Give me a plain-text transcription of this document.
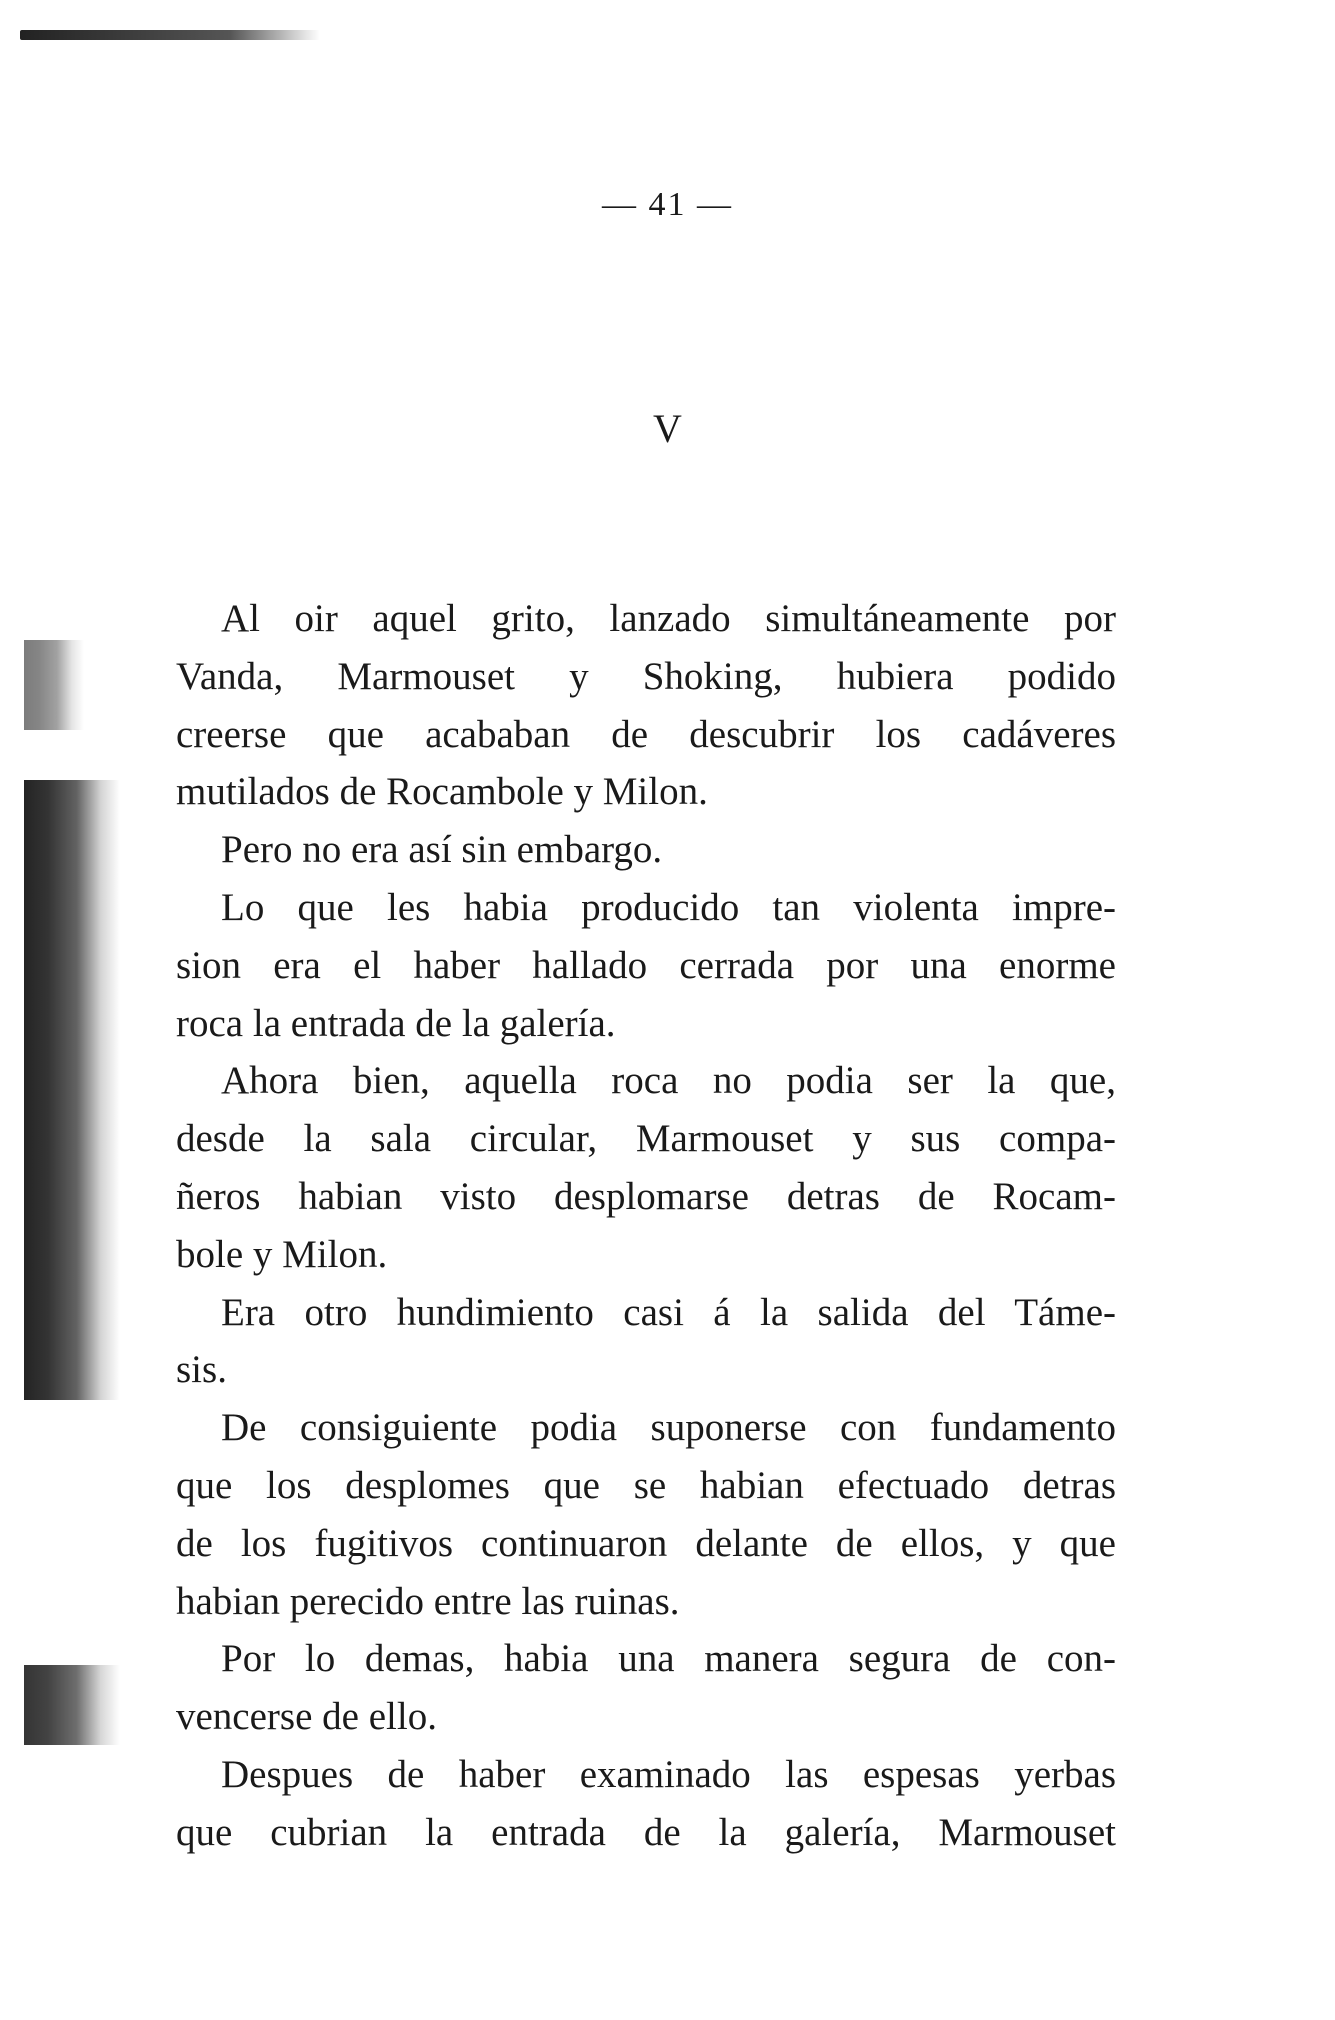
— 41 —
V
Al oir aquel grito, lanzado simultáneamente por
Vanda, Marmouset y Shoking, hubiera podido
creerse que acababan de descubrir los cadáveres
mutilados de Rocambole y Milon.
Pero no era así sin embargo.
Lo que les habia producido tan violenta impre-
sion era el haber hallado cerrada por una enorme
roca la entrada de la galería.
Ahora bien, aquella roca no podia ser la que,
desde la sala circular, Marmouset y sus compa-
ñeros habian visto desplomarse detras de Rocam-
bole y Milon.
Era otro hundimiento casi á la salida del Táme-
sis.
De consiguiente podia suponerse con fundamento
que los desplomes que se habian efectuado detras
de los fugitivos continuaron delante de ellos, y que
habian perecido entre las ruinas.
Por lo demas, habia una manera segura de con-
vencerse de ello.
Despues de haber examinado las espesas yerbas
que cubrian la entrada de la galería, Marmouset
